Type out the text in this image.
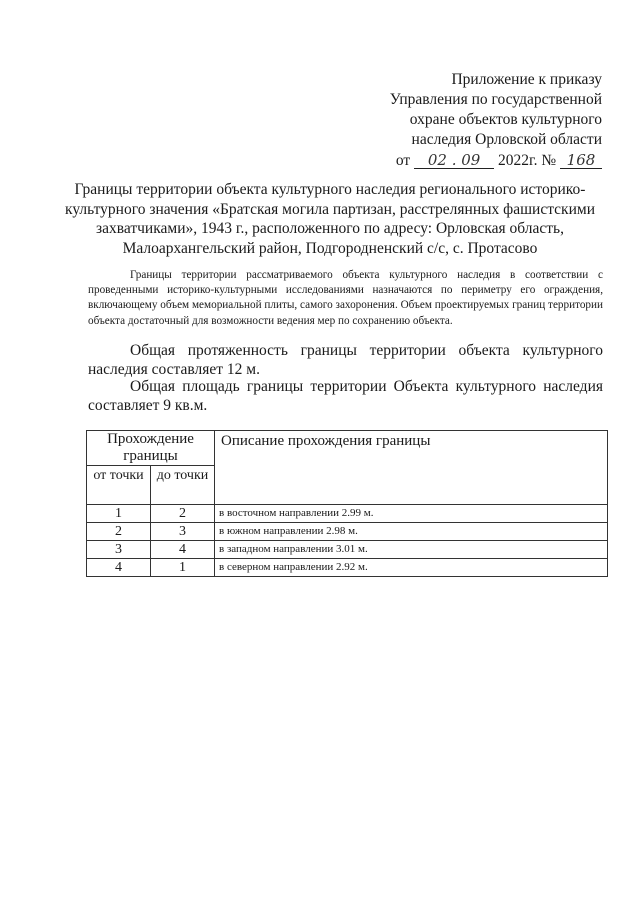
Приложение к приказу
Управления по государственной
охране объектов культурного
наследия Орловской области
от 02 . 09 2022г. № 168
Границы территории объекта культурного наследия регионального историко-культурного значения «Братская могила партизан, расстрелянных фашистскими захватчиками», 1943 г., расположенного по адресу: Орловская область, Малоархангельский район, Подгородненский с/с, с. Протасово
Границы территории рассматриваемого объекта культурного наследия в соответствии с проведенными историко-культурными исследованиями назначаются по периметру его ограждения, включающему объем мемориальной плиты, самого захоронения. Объем проектируемых границ территории объекта достаточный для возможности ведения мер по сохранению объекта.
Общая протяженность границы территории объекта культурного наследия составляет 12 м.
Общая площадь границы территории Объекта культурного наследия составляет 9 кв.м.
Прохождение границы		Описание прохождения границы
от точки	до точки	
1	2	в восточном направлении 2.99 м.
2	3	в южном направлении 2.98 м.
3	4	в западном направлении 3.01 м.
4	1	в северном направлении 2.92 м.
